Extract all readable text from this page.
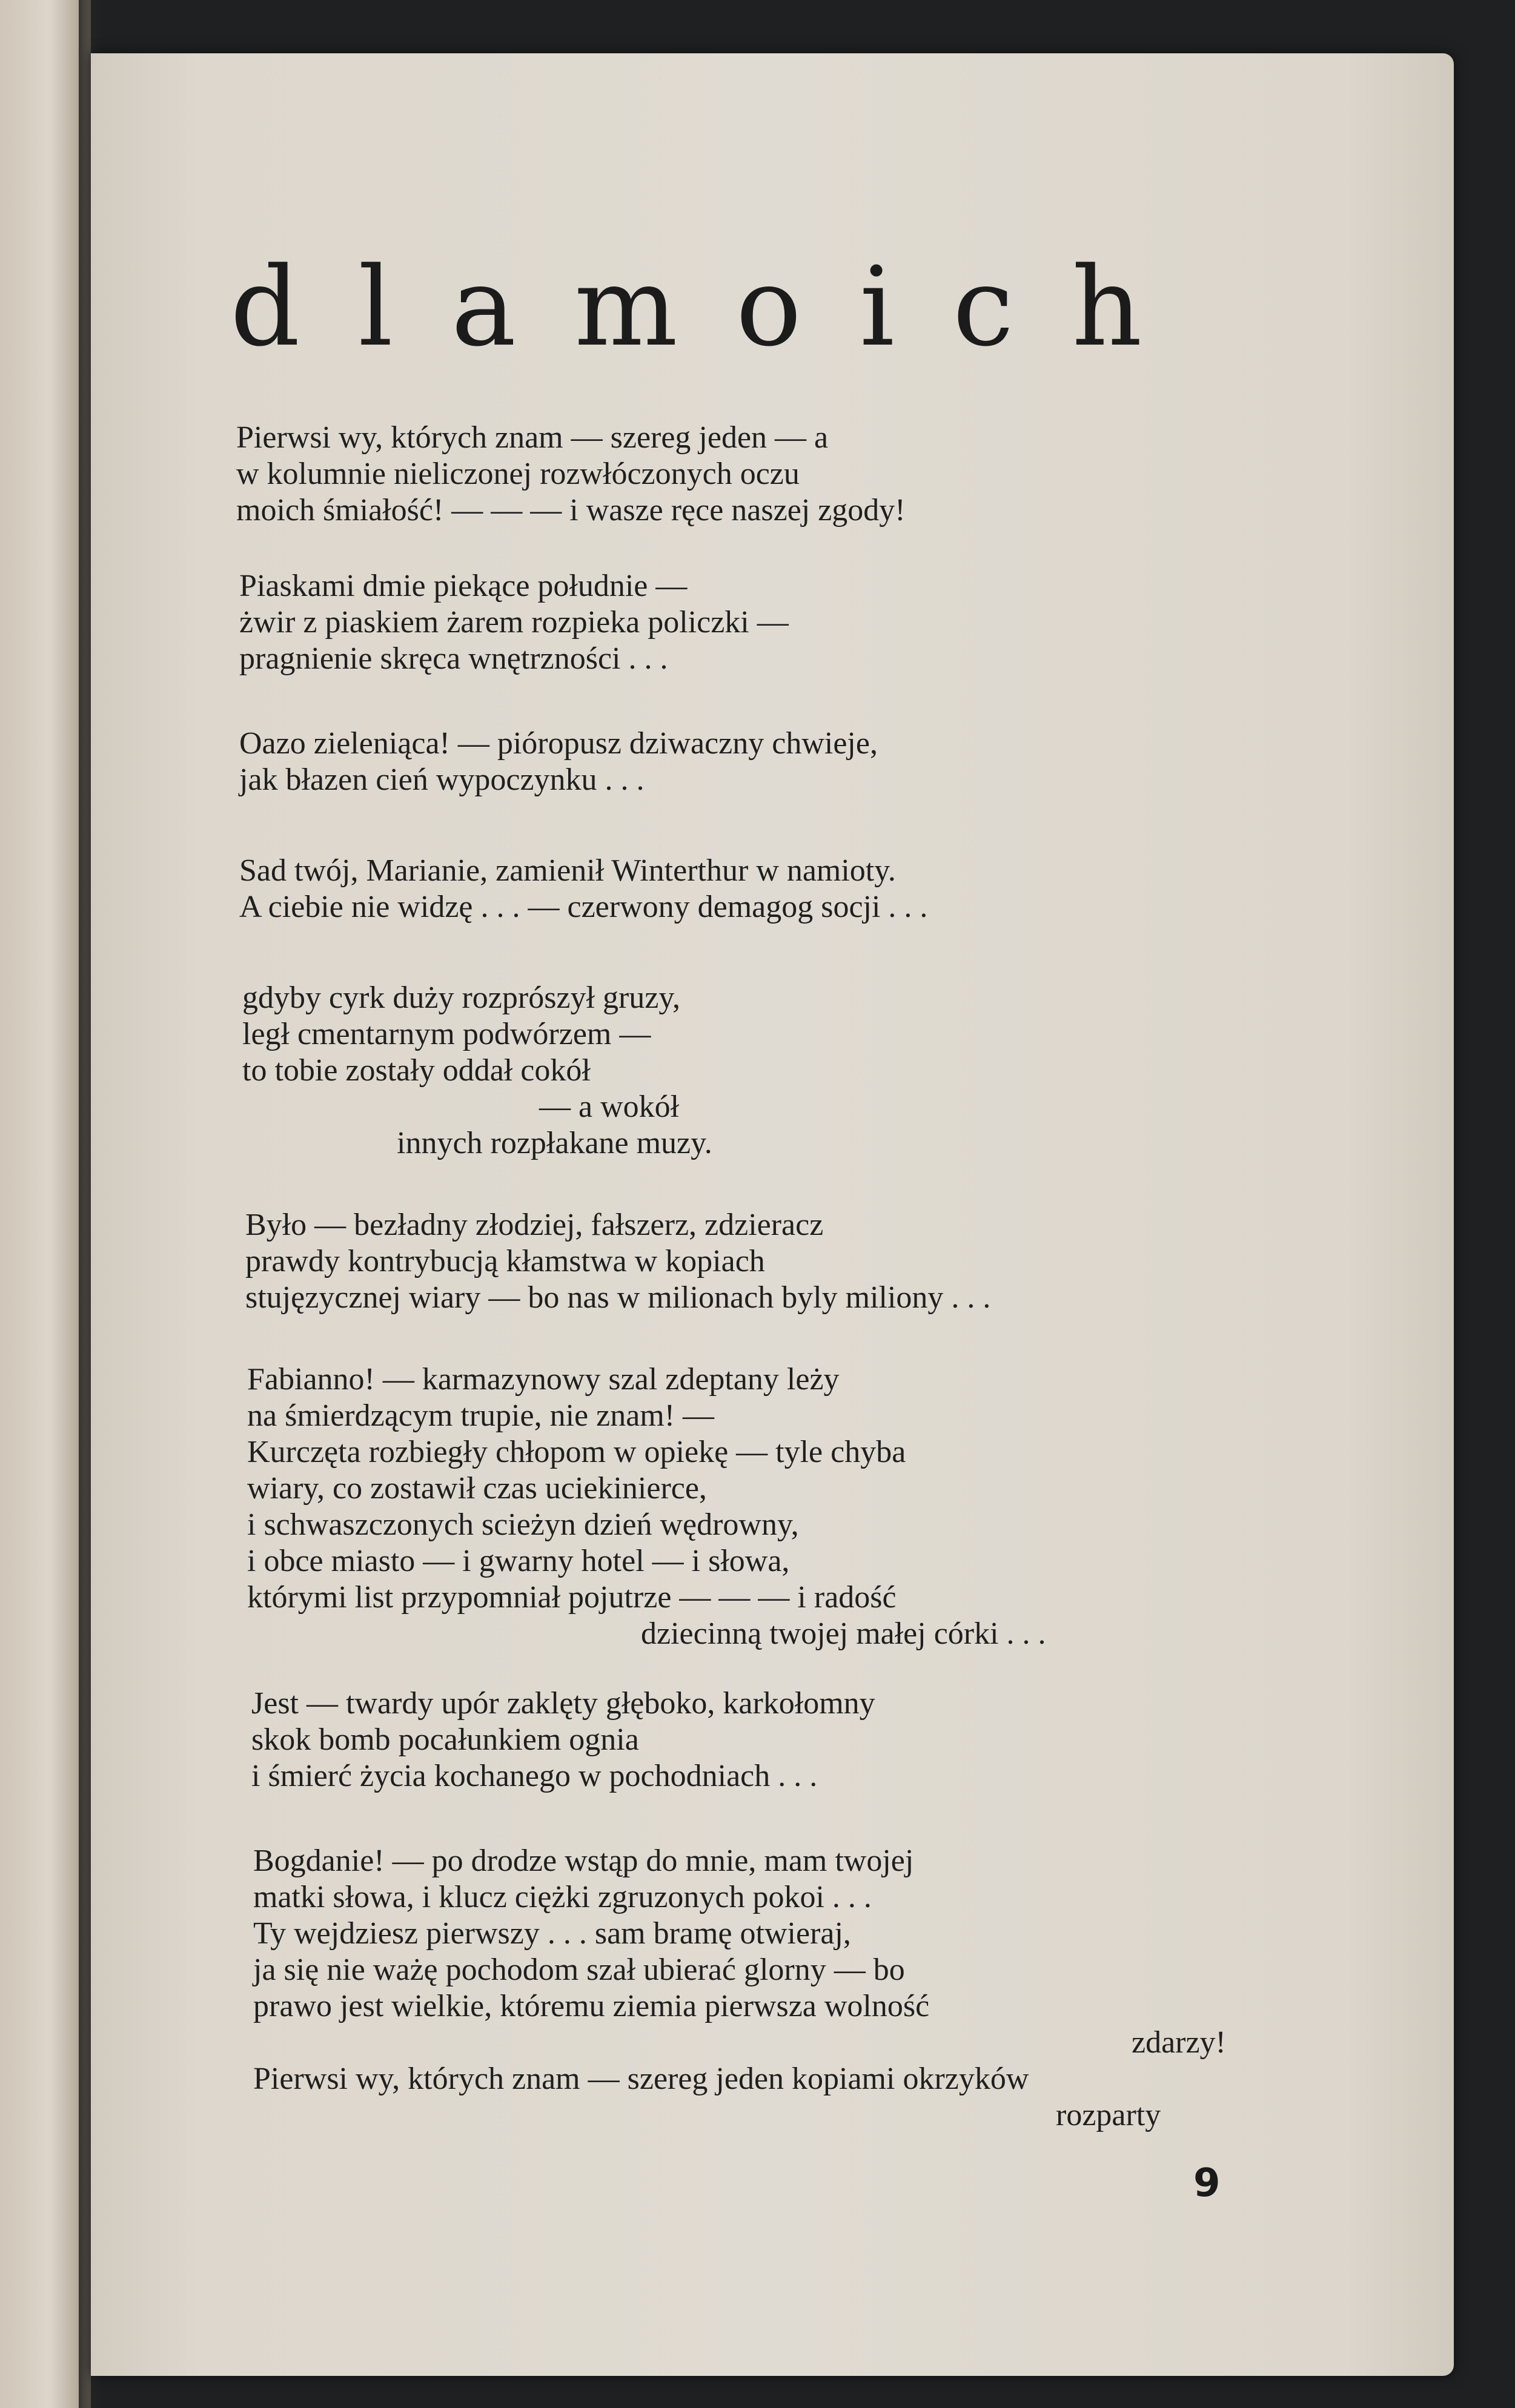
dlamoich
Pierwsi wy, których znam — szereg jeden — a
w kolumnie nieliczonej rozwłóczonych oczu
moich śmiałość! — — — i wasze ręce naszej zgody!
Piaskami dmie piekące południe —
żwir z piaskiem żarem rozpieka policzki —
pragnienie skręca wnętrzności . . .
Oazo zieleniąca! — pióropusz dziwaczny chwieje,
jak błazen cień wypoczynku . . .
Sad twój, Marianie, zamienił Winterthur w namioty.
A ciebie nie widzę . . . — czerwony demagog socji . . .
gdyby cyrk duży rozprószył gruzy,
legł cmentarnym podwórzem —
to tobie zostały oddał cokół
— a wokół
innych rozpłakane muzy.
Było — bezładny złodziej, fałszerz, zdzieracz
prawdy kontrybucją kłamstwa w kopiach
stujęzycznej wiary — bo nas w milionach byly miliony . . .
Fabianno! — karmazynowy szal zdeptany leży
na śmierdzącym trupie, nie znam! —
Kurczęta rozbiegły chłopom w opiekę — tyle chyba
wiary, co zostawił czas uciekinierce,
i schwaszczonych scieżyn dzień wędrowny,
i obce miasto — i gwarny hotel — i słowa,
którymi list przypomniał pojutrze — — — i radość
dziecinną twojej małej córki . . .
Jest — twardy upór zaklęty głęboko, karkołomny
skok bomb pocałunkiem ognia
i śmierć życia kochanego w pochodniach . . .
Bogdanie! — po drodze wstąp do mnie, mam twojej
matki słowa, i klucz ciężki zgruzonych pokoi . . .
Ty wejdziesz pierwszy . . . sam bramę otwieraj,
ja się nie ważę pochodom szał ubierać glorny — bo
prawo jest wielkie, któremu ziemia pierwsza wolność
zdarzy!
Pierwsi wy, których znam — szereg jeden kopiami okrzyków
rozparty
9
